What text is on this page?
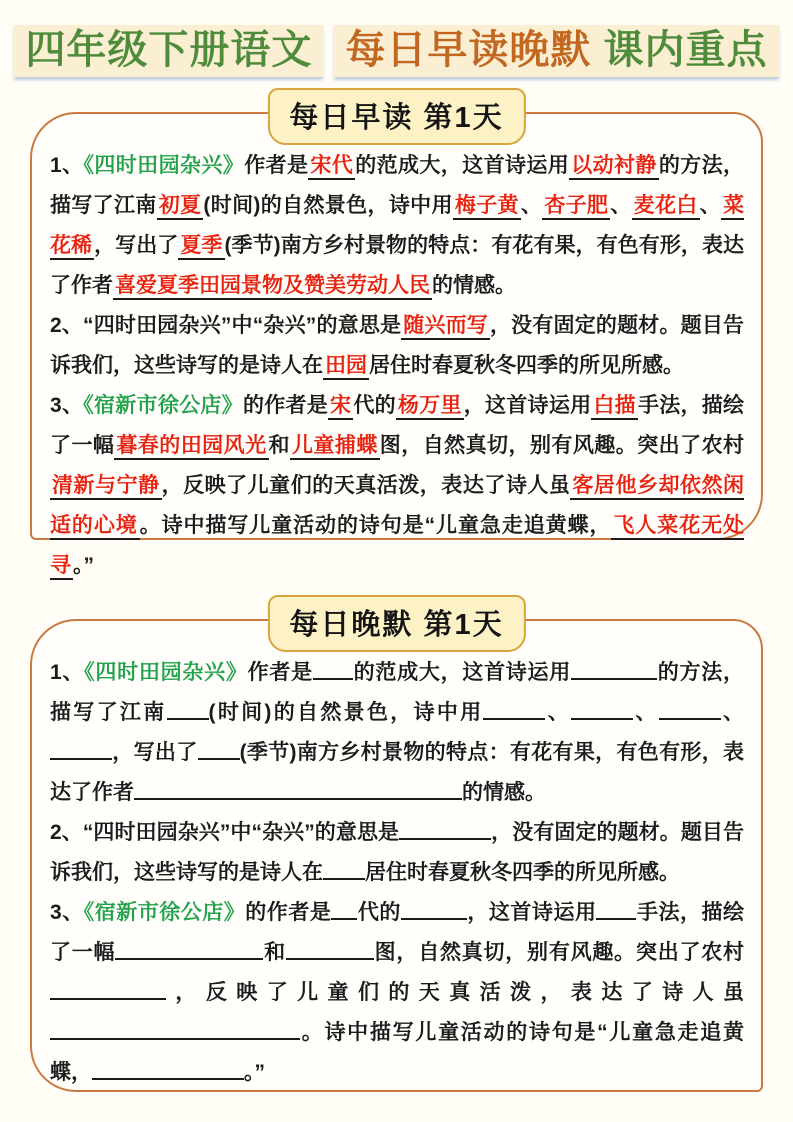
四年级下册语文 每日早读晚默 课内重点
每日早读 第1天

1、《四时田园杂兴》作者是宋代的范成大，这首诗运用以动衬静的方法，描写了江南初夏(时间)的自然景色，诗中用梅子黄、杏子肥、麦花白、菜花稀，写出了夏季(季节)南方乡村景物的特点：有花有果，有色有形，表达了作者喜爱夏季田园景物及赞美劳动人民的情感。

2、“四时田园杂兴”中“杂兴”的意思是随兴而写，没有固定的题材。题目告诉我们，这些诗写的是诗人在田园居住时春夏秋冬四季的所见所感。

3、《宿新市徐公店》的作者是宋代的杨万里，这首诗运用白描手法，描绘了一幅暮春的田园风光和儿童捕蝶图，自然真切，别有风趣。突出了农村清新与宁静，反映了儿童们的天真活泼，表达了诗人虽客居他乡却依然闲适的心境。诗中描写儿童活动的诗句是“儿童急走追黄蝶，飞人菜花无处寻。”

每日晚默 第1天

1、《四时田园杂兴》作者是 的范成大，这首诗运用	的方法，描写了江南 (时间)的自然景色，诗中用	、	、	、，写出了 (季节)南方乡村景物的特点：有花有果，有色有形，表达了作者	的情感。

2、“四时田园杂兴”中“杂兴”的意思是	，没有固定的题材。题目告诉我们，这些诗写的是诗人在 居住时春夏秋冬四季的所见所感。

3、《宿新市徐公店》的作者是 代的	，这首诗运用 手法，描绘了一幅	和	图，自然真切，别有风趣。突出了农村，反映了儿童们的天真活泼，表达了诗人虽。诗中描写儿童活动的诗句是“儿童急走追黄蝶，	。”
